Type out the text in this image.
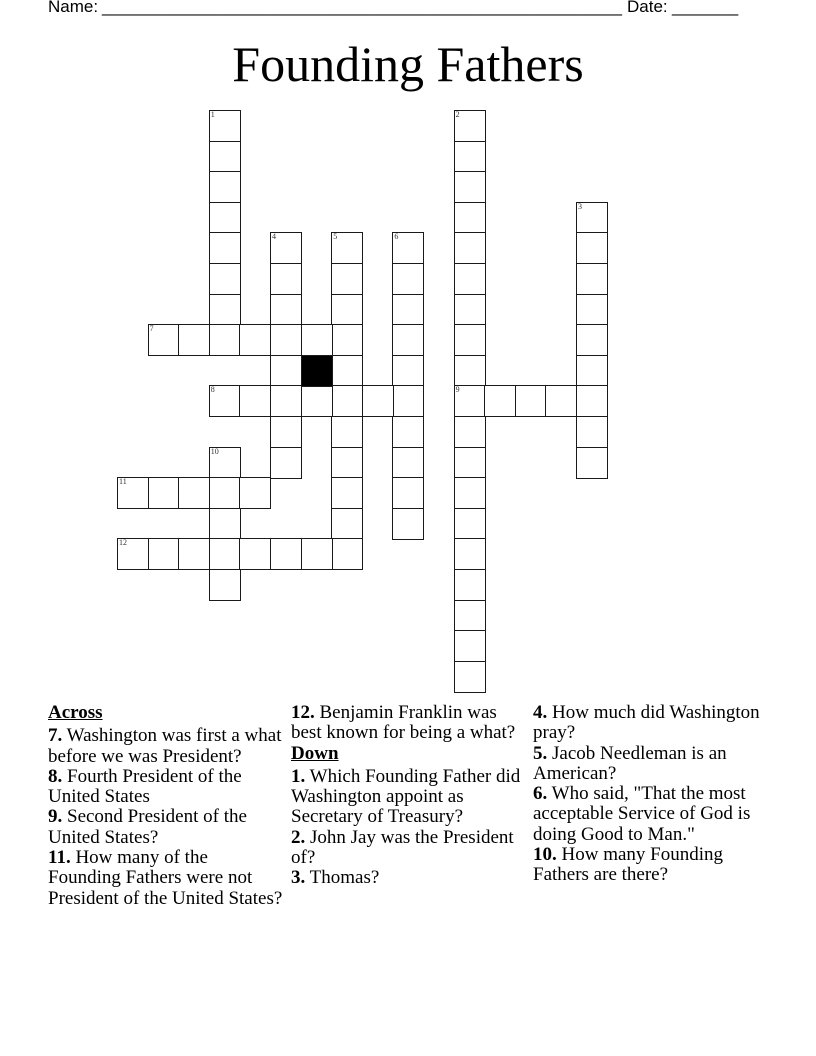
Name: _______________________________________________________ Date: _______
Founding Fathers
1	2
9
3
4	5	6
7
8
10
11
12
Across
7. Washington was first a what before we was President?
8. Fourth President of the United States
9. Second President of the United States?
11. How many of the Founding Fathers were not President of the United States?
12. Benjamin Franklin was best known for being a what?
Down
1. Which Founding Father did Washington appoint as Secretary of Treasury?
2. John Jay was the President of?
3. Thomas?
4. How much did Washington pray?
5. Jacob Needleman is an American?
6. Who said, "That the most acceptable Service of God is doing Good to Man."
10. How many Founding Fathers are there?
